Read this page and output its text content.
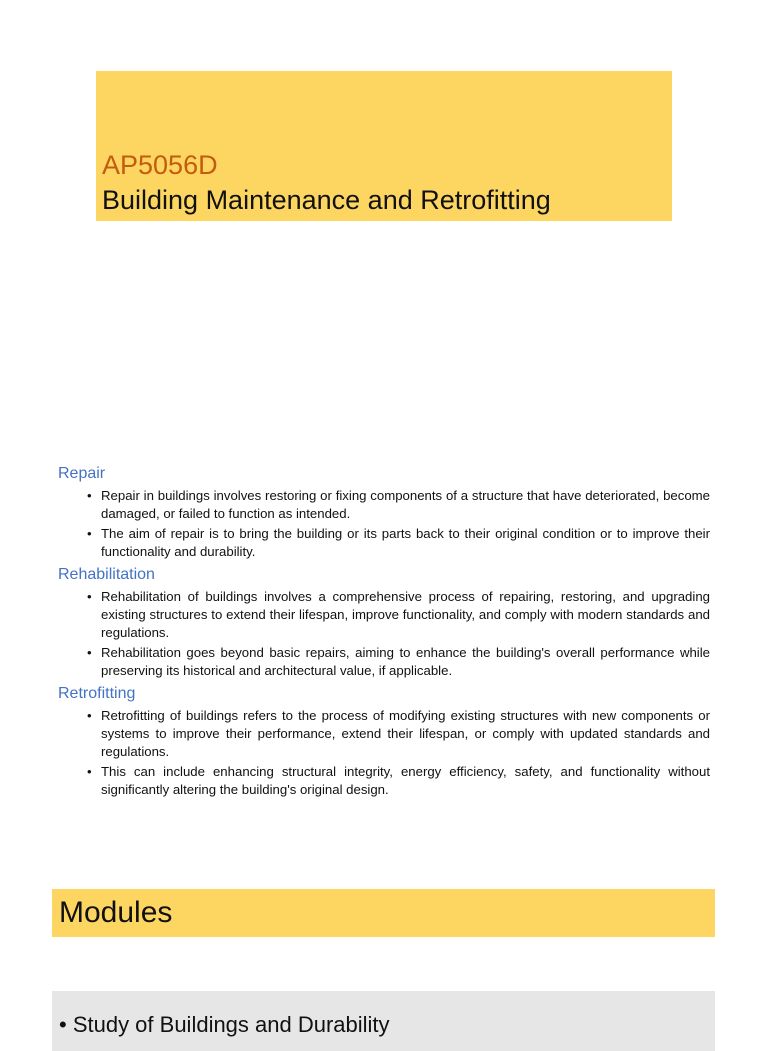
AP5056D
Building Maintenance and Retrofitting
Repair
• Repair in buildings involves restoring or fixing components of a structure that have deteriorated, become damaged, or failed to function as intended.
• The aim of repair is to bring the building or its parts back to their original condition or to improve their functionality and durability.
Rehabilitation
• Rehabilitation of buildings involves a comprehensive process of repairing, restoring, and upgrading existing structures to extend their lifespan, improve functionality, and comply with modern standards and regulations.
• Rehabilitation goes beyond basic repairs, aiming to enhance the building's overall performance while preserving its historical and architectural value, if applicable.
Retrofitting
• Retrofitting of buildings refers to the process of modifying existing structures with new components or systems to improve their performance, extend their lifespan, or comply with updated standards and regulations.
• This can include enhancing structural integrity, energy efficiency, safety, and functionality without significantly altering the building's original design.
Modules
• Study of Buildings and Durability
